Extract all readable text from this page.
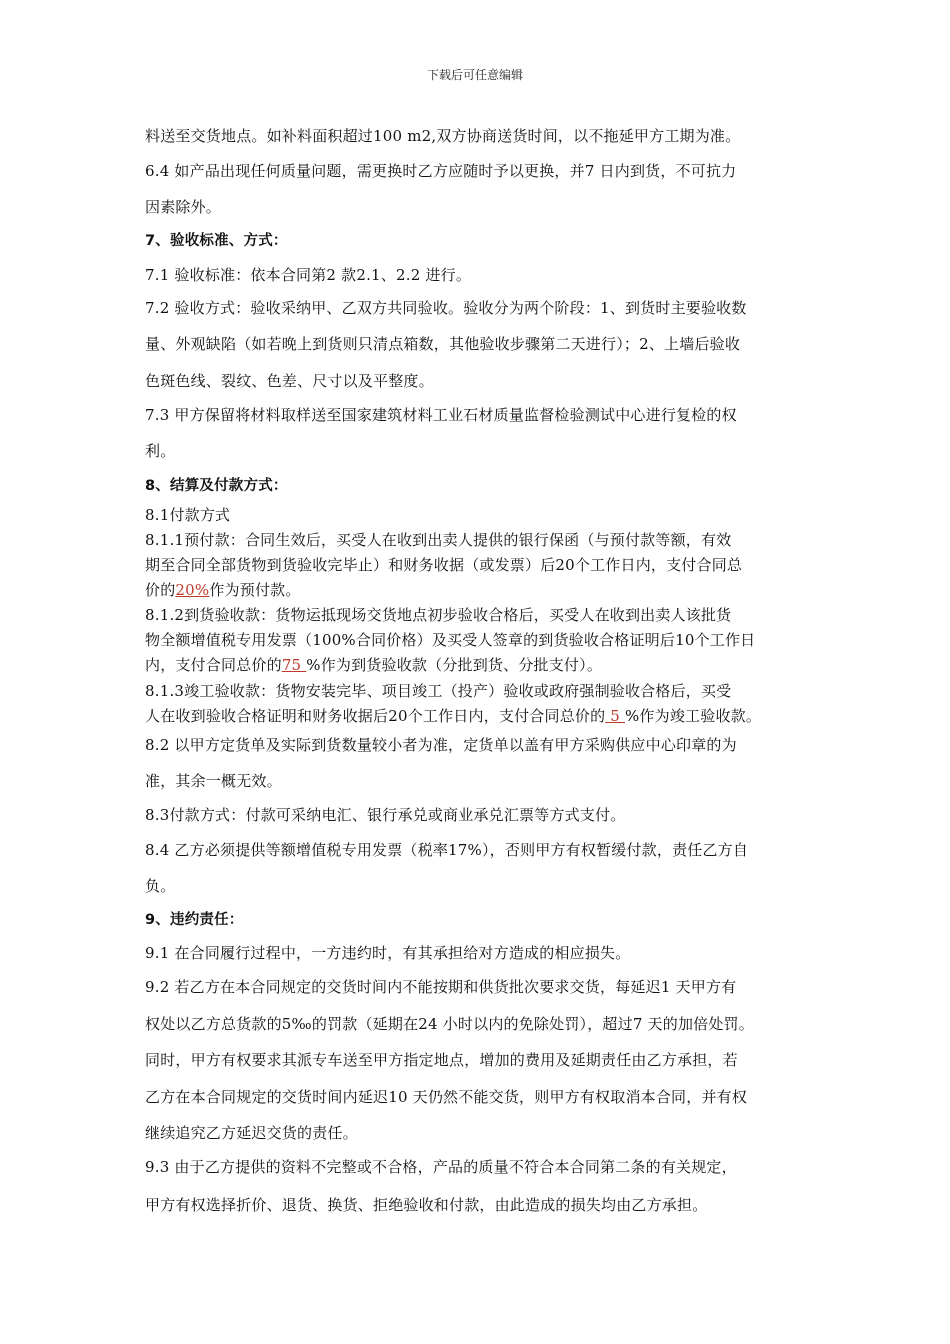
下载后可任意编辑
料送至交货地点。如补料面积超过100 m2,双方协商送货时间，以不拖延甲方工期为准。
6.4 如产品出现任何质量问题，需更换时乙方应随时予以更换，并7 日内到货，不可抗力
因素除外。
7、验收标准、方式：
7.1 验收标准：依本合同第2 款2.1、2.2 进行。
7.2 验收方式：验收采纳甲、乙双方共同验收。验收分为两个阶段：1、到货时主要验收数
量、外观缺陷（如若晚上到货则只清点箱数，其他验收步骤第二天进行）；2、上墙后验收
色斑色线、裂纹、色差、尺寸以及平整度。
7.3 甲方保留将材料取样送至国家建筑材料工业石材质量监督检验测试中心进行复检的权
利。
8、结算及付款方式：
8.1付款方式
8.1.1预付款：合同生效后，买受人在收到出卖人提供的银行保函（与预付款等额，有效
期至合同全部货物到货验收完毕止）和财务收据（或发票）后20个工作日内，支付合同总
价的20%作为预付款。
8.1.2到货验收款：货物运抵现场交货地点初步验收合格后，买受人在收到出卖人该批货
物全额增值税专用发票（100%合同价格）及买受人签章的到货验收合格证明后10个工作日
内，支付合同总价的75 %作为到货验收款（分批到货、分批支付）。
8.1.3竣工验收款：货物安装完毕、项目竣工（投产）验收或政府强制验收合格后，买受
人在收到验收合格证明和财务收据后20个工作日内，支付合同总价的 5 %作为竣工验收款。
8.2 以甲方定货单及实际到货数量较小者为准，定货单以盖有甲方采购供应中心印章的为
准，其余一概无效。
8.3付款方式：付款可采纳电汇、银行承兑或商业承兑汇票等方式支付。
8.4 乙方必须提供等额增值税专用发票（税率17%），否则甲方有权暂缓付款，责任乙方自
负。
9、违约责任：
9.1 在合同履行过程中，一方违约时，有其承担给对方造成的相应损失。
9.2 若乙方在本合同规定的交货时间内不能按期和供货批次要求交货，每延迟1 天甲方有
权处以乙方总货款的5‰的罚款（延期在24 小时以内的免除处罚），超过7 天的加倍处罚。
同时，甲方有权要求其派专车送至甲方指定地点，增加的费用及延期责任由乙方承担，若
乙方在本合同规定的交货时间内延迟10 天仍然不能交货，则甲方有权取消本合同，并有权
继续追究乙方延迟交货的责任。
9.3 由于乙方提供的资料不完整或不合格，产品的质量不符合本合同第二条的有关规定，
甲方有权选择折价、退货、换货、拒绝验收和付款，由此造成的损失均由乙方承担。
